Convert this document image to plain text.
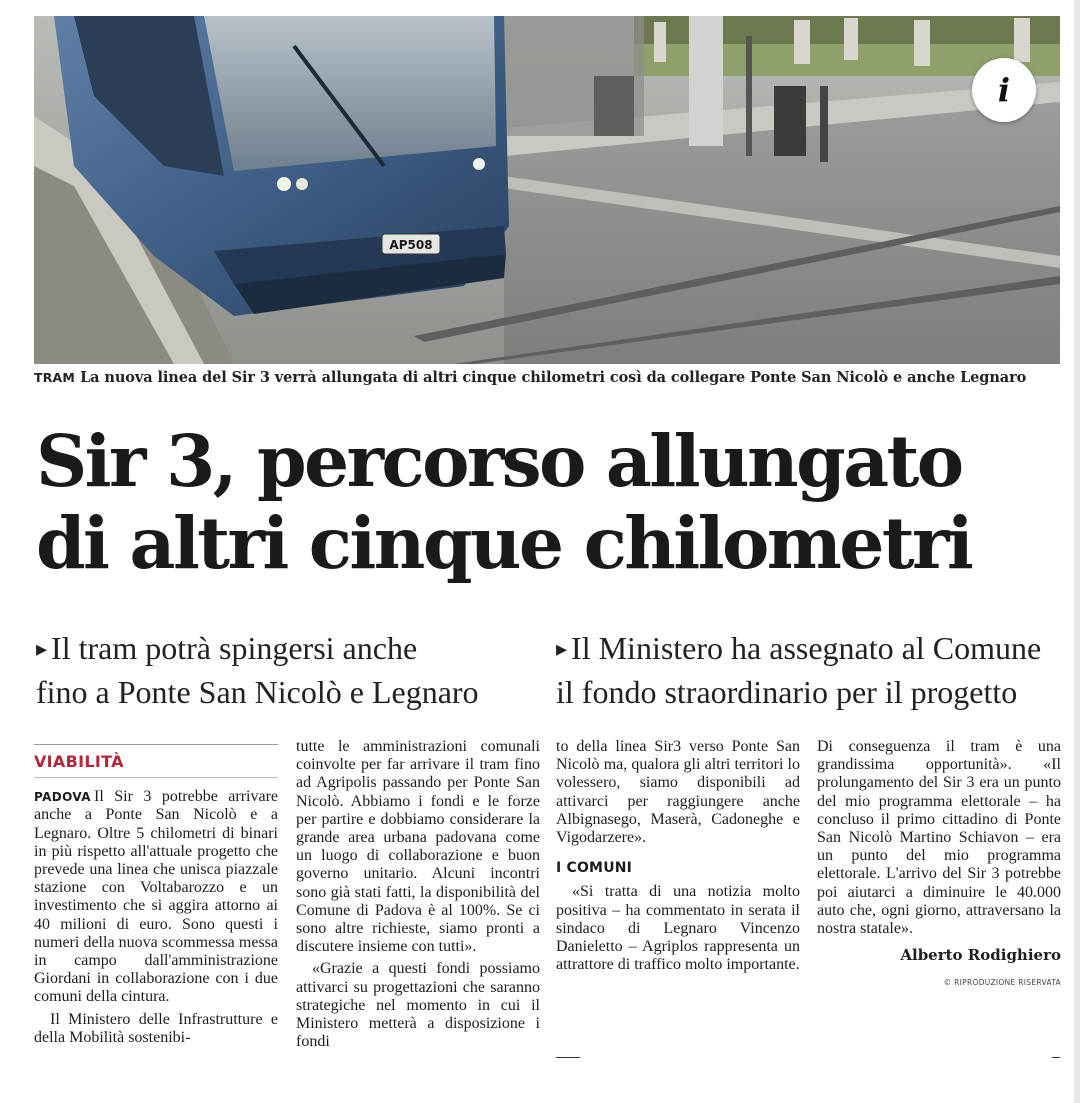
AP508
i
TRAM La nuova linea del Sir 3 verrà allungata di altri cinque chilometri così da collegare Ponte San Nicolò e anche Legnaro
Sir 3, percorso allungato
di altri cinque chilometri
▸ Il tram potrà spingersi anche
fino a Ponte San Nicolò e Legnaro
▸ Il Ministero ha assegnato al Comune
il fondo straordinario per il progetto
VIABILITÀ

PADOVA Il Sir 3 potrebbe arrivare anche a Ponte San Nicolò e a Legnaro. Oltre 5 chilometri di binari in più rispetto all'attuale progetto che prevede una linea che unisca piazzale stazione con Voltabarozzo e un investimento che si aggira attorno ai 40 milioni di euro. Sono questi i numeri della nuova scommessa messa in campo dall'amministrazione Giordani in collaborazione con i due comuni della cintura.

Il Ministero delle Infrastrutture e della Mobilità sostenibi-

tutte le amministrazioni comunali coinvolte per far arrivare il tram fino ad Agripolis passando per Ponte San Nicolò. Abbiamo i fondi e le forze per partire e dobbiamo considerare la grande area urbana padovana come un luogo di collaborazione e buon governo unitario. Alcuni incontri sono già stati fatti, la disponibilità del Comune di Padova è al 100%. Se ci sono altre richieste, siamo pronti a discutere insieme con tutti».

«Grazie a questi fondi possiamo attivarci su progettazioni che saranno strategiche nel momento in cui il Ministero metterà a disposizione i fondi

to della linea Sir3 verso Ponte San Nicolò ma, qualora gli altri territori lo volessero, siamo disponibili ad attivarci per raggiungere anche Albignasego, Maserà, Cadoneghe e Vigodarzere».

I COMUNI

«Si tratta di una notizia molto positiva – ha commentato in serata il sindaco di Legnaro Vincenzo Danieletto – Agriplos rappresenta un attrattore di traffico molto importante.

Di conseguenza il tram è una grandissima opportunità». «Il prolungamento del Sir 3 era un punto del mio programma elettorale – ha concluso il primo cittadino di Ponte San Nicolò Martino Schiavon – era un punto del mio programma elettorale. L'arrivo del Sir 3 potrebbe poi aiutarci a diminuire le 40.000 auto che, ogni giorno, attraversano la nostra statale».

Alberto Rodighiero
© RIPRODUZIONE RISERVATA
